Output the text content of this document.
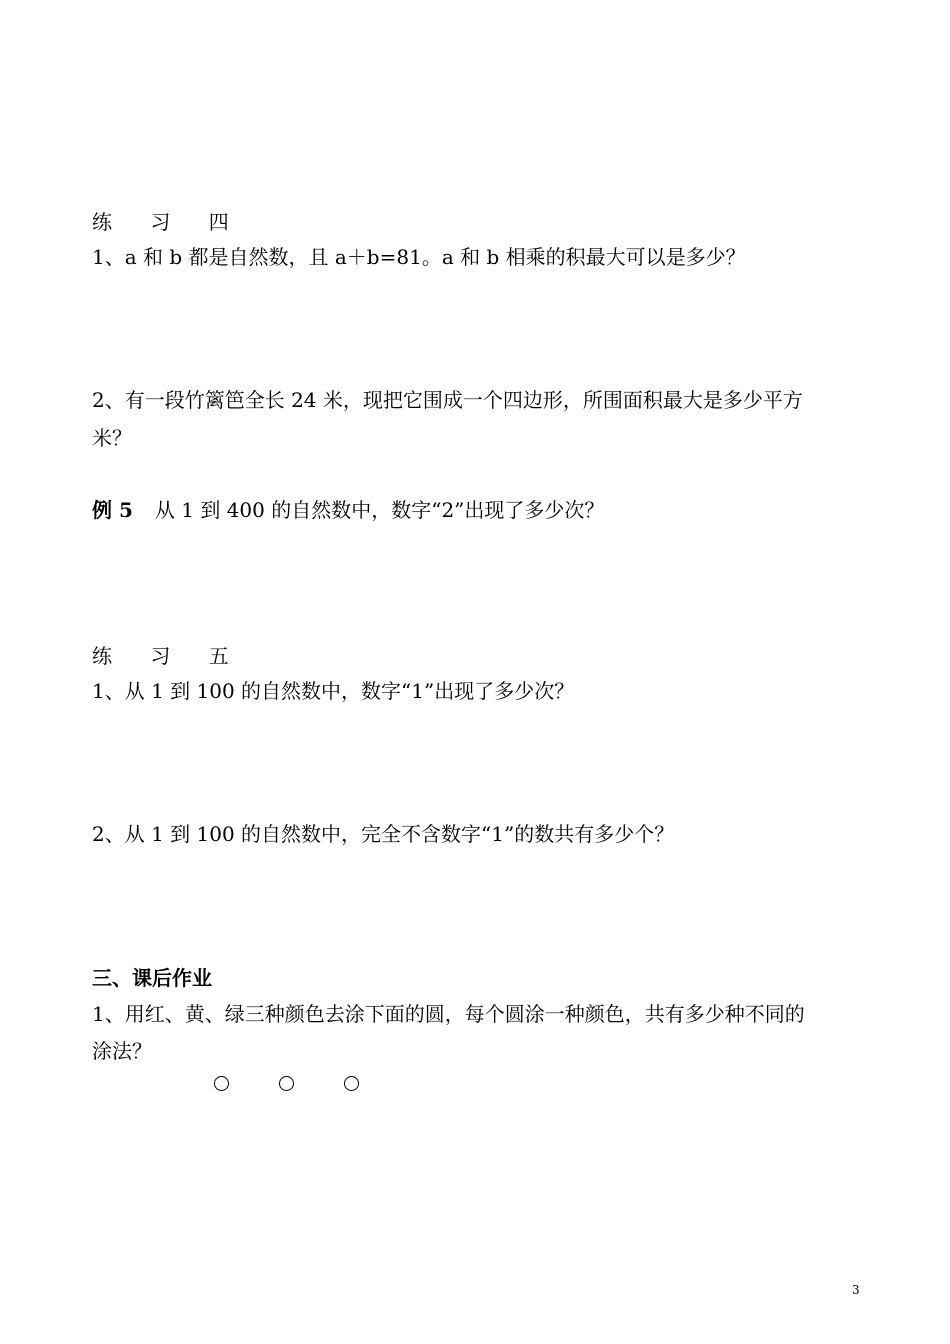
练 习 四
1、a 和 b 都是自然数，且 a＋b=81。a 和 b 相乘的积最大可以是多少？
2、有一段竹篱笆全长 24 米，现把它围成一个四边形，所围面积最大是多少平方
米？
例 5 从 1 到 400 的自然数中，数字“2”出现了多少次？
练 习 五
1、从 1 到 100 的自然数中，数字“1”出现了多少次？
2、从 1 到 100 的自然数中，完全不含数字“1”的数共有多少个？
三、课后作业
1、用红、黄、绿三种颜色去涂下面的圆，每个圆涂一种颜色，共有多少种不同的
涂法？
3
